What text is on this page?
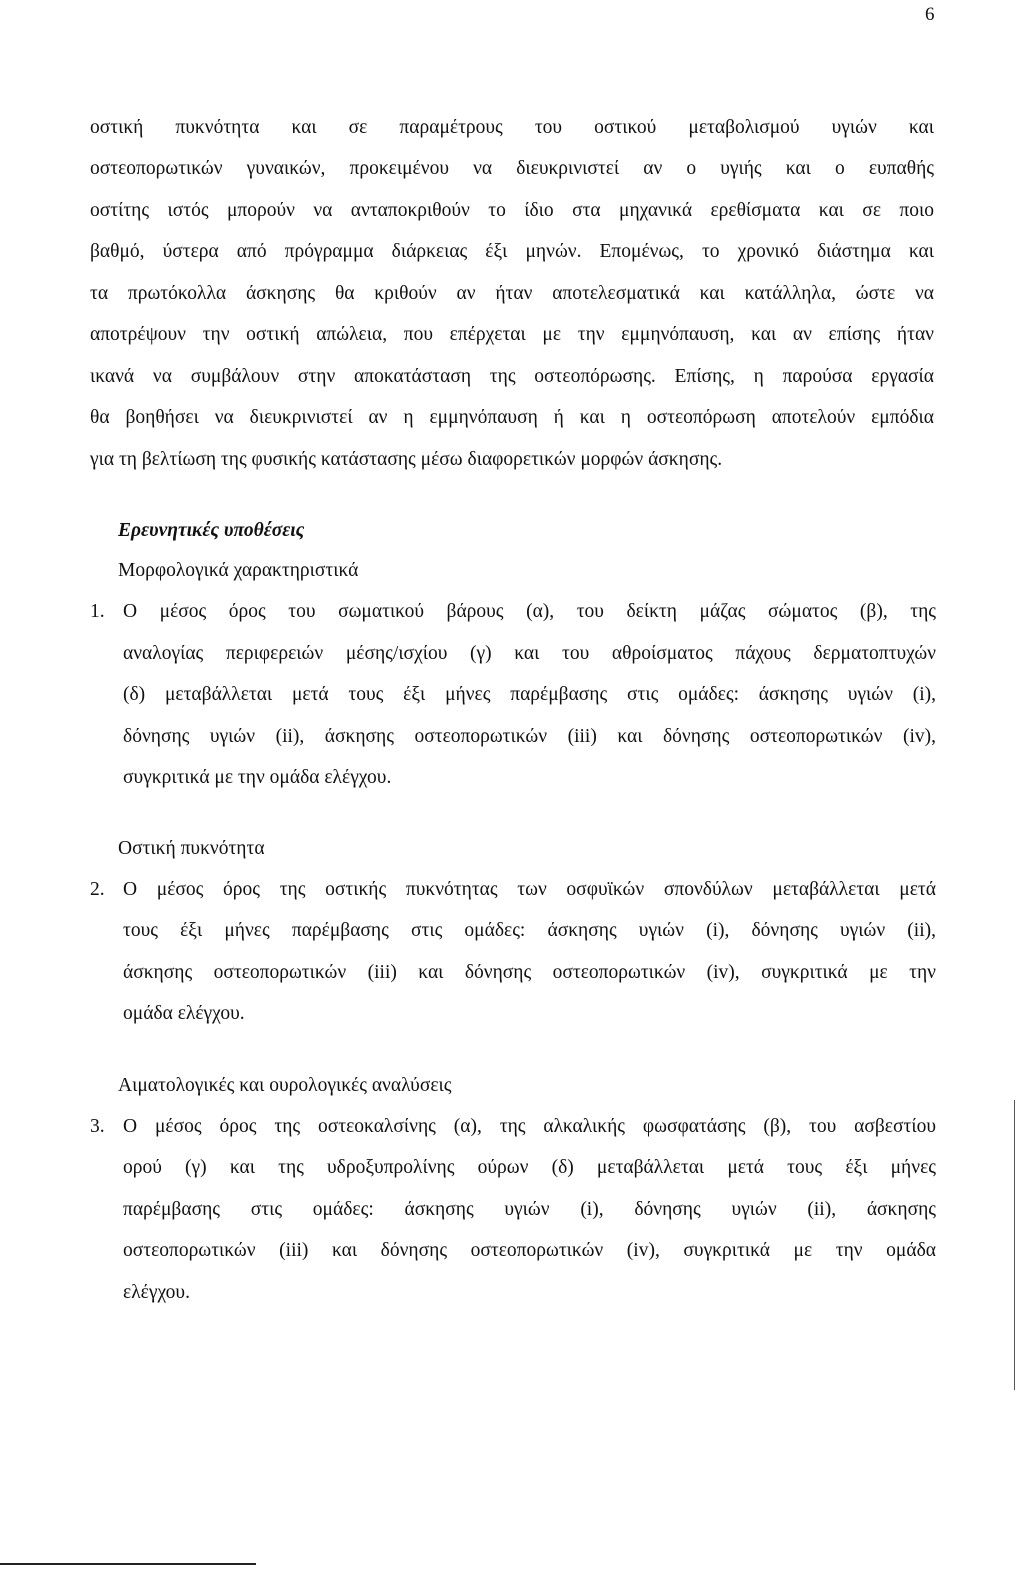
6
οστική πυκνότητα και σε παραμέτρους του οστικού μεταβολισμού υγιών και
οστεοπορωτικών γυναικών, προκειμένου να διευκρινιστεί αν ο υγιής και ο ευπαθής
οστίτης ιστός μπορούν να ανταποκριθούν το ίδιο στα μηχανικά ερεθίσματα και σε ποιο
βαθμό, ύστερα από πρόγραμμα διάρκειας έξι μηνών. Επομένως, το χρονικό διάστημα και
τα πρωτόκολλα άσκησης θα κριθούν αν ήταν αποτελεσματικά και κατάλληλα, ώστε να
αποτρέψουν την οστική απώλεια, που επέρχεται με την εμμηνόπαυση, και αν επίσης ήταν
ικανά να συμβάλουν στην αποκατάσταση της οστεοπόρωσης. Επίσης, η παρούσα εργασία
θα βοηθήσει να διευκρινιστεί αν η εμμηνόπαυση ή και η οστεοπόρωση αποτελούν εμπόδια
για τη βελτίωση της φυσικής κατάστασης μέσω διαφορετικών μορφών άσκησης.
Ερευνητικές υποθέσεις
Μορφολογικά χαρακτηριστικά
1. Ο μέσος όρος του σωματικού βάρους (α), του δείκτη μάζας σώματος (β), της
αναλογίας περιφερειών μέσης/ισχίου (γ) και του αθροίσματος πάχους δερματοπτυχών
(δ) μεταβάλλεται μετά τους έξι μήνες παρέμβασης στις ομάδες: άσκησης υγιών (i),
δόνησης υγιών (ii), άσκησης οστεοπορωτικών (iii) και δόνησης οστεοπορωτικών (iv),
συγκριτικά με την ομάδα ελέγχου.
Οστική πυκνότητα
2. Ο μέσος όρος της οστικής πυκνότητας των οσφυϊκών σπονδύλων μεταβάλλεται μετά
τους έξι μήνες παρέμβασης στις ομάδες: άσκησης υγιών (i), δόνησης υγιών (ii),
άσκησης οστεοπορωτικών (iii) και δόνησης οστεοπορωτικών (iv), συγκριτικά με την
ομάδα ελέγχου.
Αιματολογικές και ουρολογικές αναλύσεις
3. Ο μέσος όρος της οστεοκαλσίνης (α), της αλκαλικής φωσφατάσης (β), του ασβεστίου
ορού (γ) και της υδροξυπρολίνης ούρων (δ) μεταβάλλεται μετά τους έξι μήνες
παρέμβασης στις ομάδες: άσκησης υγιών (i), δόνησης υγιών (ii), άσκησης
οστεοπορωτικών (iii) και δόνησης οστεοπορωτικών (iv), συγκριτικά με την ομάδα
ελέγχου.
